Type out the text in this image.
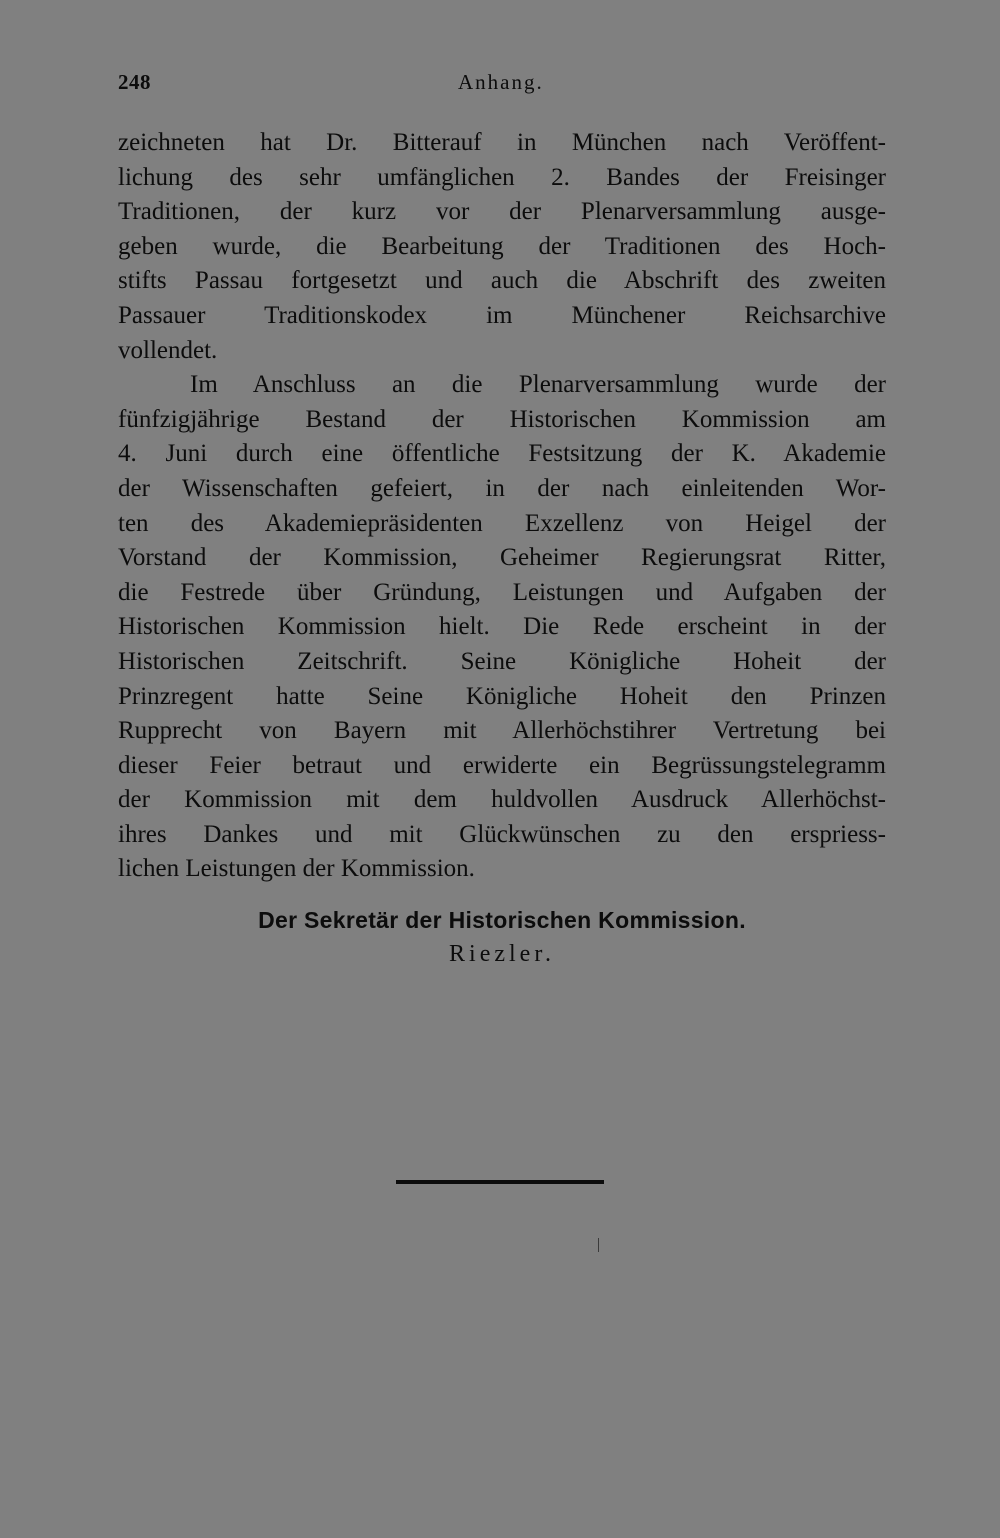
248	Anhang.
zeichneten hat Dr. Bitterauf in München nach Veröffent-
lichung des sehr umfänglichen 2. Bandes der Freisinger
Traditionen, der kurz vor der Plenarversammlung ausge-
geben wurde, die Bearbeitung der Traditionen des Hoch-
stifts Passau fortgesetzt und auch die Abschrift des zweiten
Passauer Traditionskodex im Münchener Reichsarchive
vollendet.
Im Anschluss an die Plenarversammlung wurde der
fünfzigjährige Bestand der Historischen Kommission am
4. Juni durch eine öffentliche Festsitzung der K. Akademie
der Wissenschaften gefeiert, in der nach einleitenden Wor-
ten des Akademiepräsidenten Exzellenz von Heigel der
Vorstand der Kommission, Geheimer Regierungsrat Ritter,
die Festrede über Gründung, Leistungen und Aufgaben der
Historischen Kommission hielt. Die Rede erscheint in der
Historischen Zeitschrift. Seine Königliche Hoheit der
Prinzregent hatte Seine Königliche Hoheit den Prinzen
Rupprecht von Bayern mit Allerhöchstihrer Vertretung bei
dieser Feier betraut und erwiderte ein Begrüssungstelegramm
der Kommission mit dem huldvollen Ausdruck Allerhöchst-
ihres Dankes und mit Glückwünschen zu den erspriess-
lichen Leistungen der Kommission.
Der Sekretär der Historischen Kommission.
Riezler.
